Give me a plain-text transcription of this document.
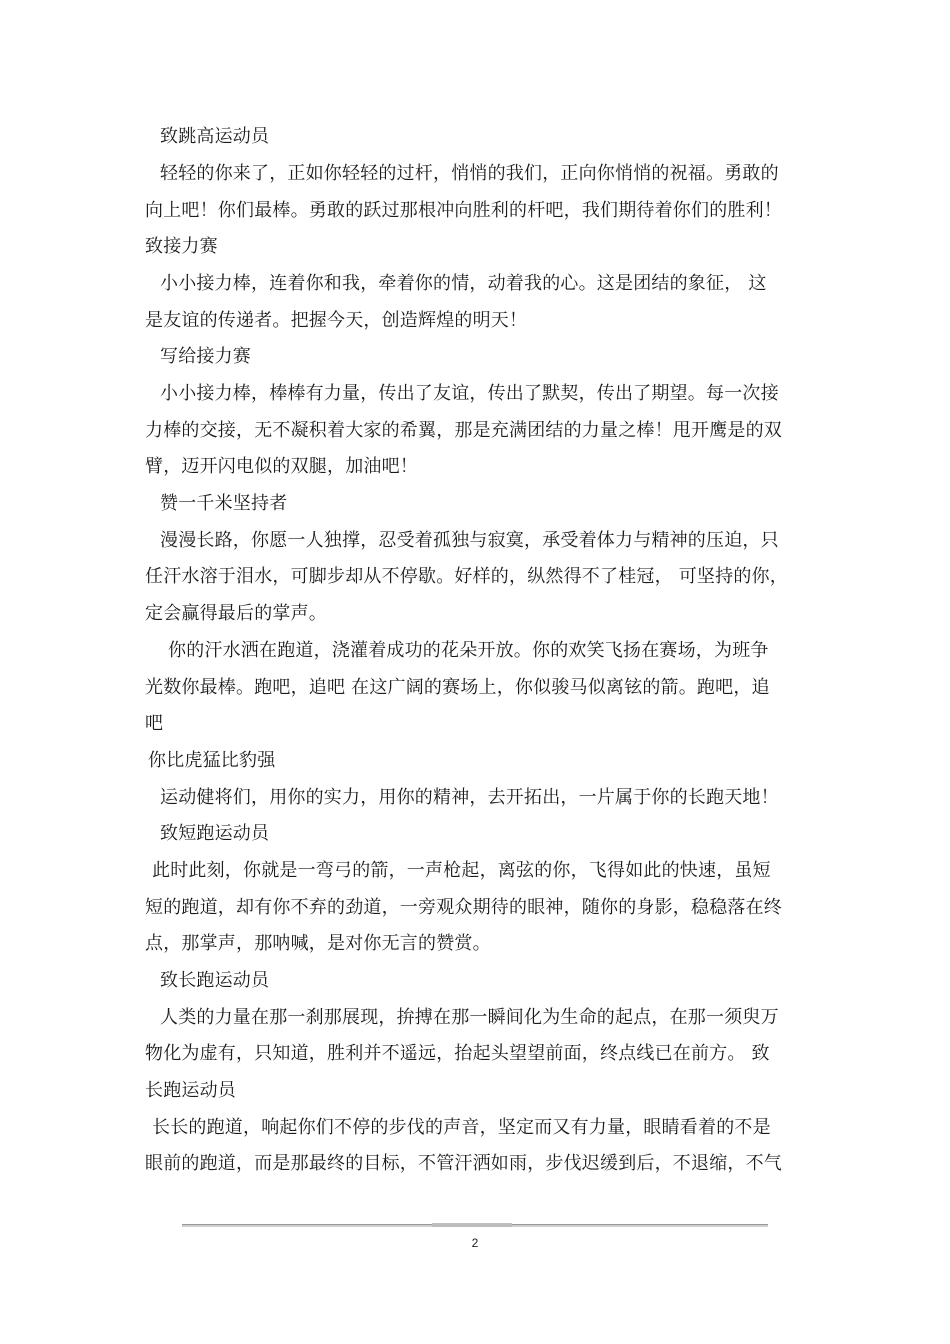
致跳高运动员
轻轻的你来了，正如你轻轻的过杆，悄悄的我们，正向你悄悄的祝福。勇敢的
向上吧！你们最棒。勇敢的跃过那根冲向胜利的杆吧，我们期待着你们的胜利！
致接力赛
小小接力棒，连着你和我，牵着你的情，动着我的心。这是团结的象征， 这
是友谊的传递者。把握今天，创造辉煌的明天！
写给接力赛
小小接力棒，棒棒有力量，传出了友谊，传出了默契，传出了期望。每一次接
力棒的交接，无不凝积着大家的希翼，那是充满团结的力量之棒！甩开鹰是的双
臂，迈开闪电似的双腿，加油吧！
赞一千米坚持者
漫漫长路，你愿一人独撑，忍受着孤独与寂寞，承受着体力与精神的压迫，只
任汗水溶于泪水，可脚步却从不停歇。好样的，纵然得不了桂冠， 可坚持的你，
定会赢得最后的掌声。
你的汗水洒在跑道，浇灌着成功的花朵开放。你的欢笑飞扬在赛场，为班争
光数你最棒。跑吧，追吧 在这广阔的赛场上，你似骏马似离铉的箭。跑吧，追
吧
你比虎猛比豹强
运动健将们，用你的实力，用你的精神，去开拓出，一片属于你的长跑天地！
致短跑运动员
此时此刻，你就是一弯弓的箭，一声枪起，离弦的你，飞得如此的快速，虽短
短的跑道，却有你不弃的劲道，一旁观众期待的眼神，随你的身影，稳稳落在终
点，那掌声，那呐喊，是对你无言的赞赏。
致长跑运动员
人类的力量在那一刹那展现，拚搏在那一瞬间化为生命的起点，在那一须臾万
物化为虚有，只知道，胜利并不遥远，抬起头望望前面，终点线已在前方。 致
长跑运动员
长长的跑道，响起你们不停的步伐的声音，坚定而又有力量，眼睛看着的不是
眼前的跑道，而是那最终的目标，不管汗洒如雨，步伐迟缓到后，不退缩，不气
2
